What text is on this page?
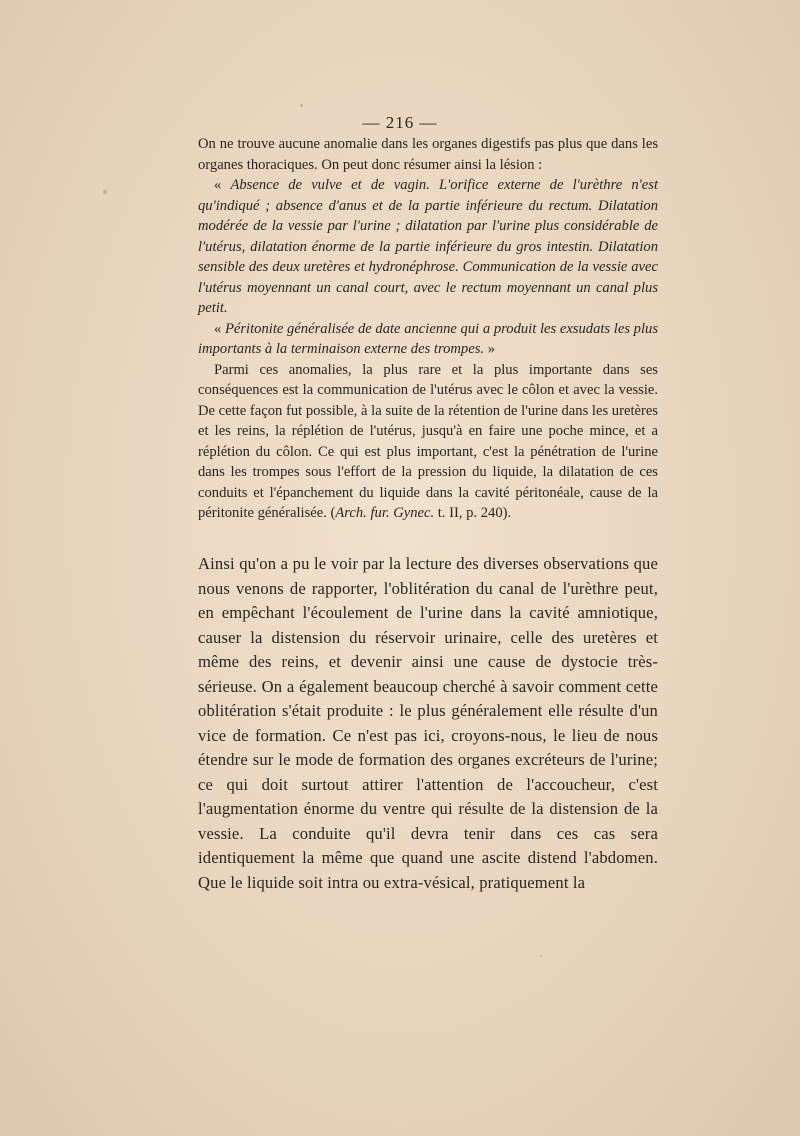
— 216 —

On ne trouve aucune anomalie dans les organes digestifs pas plus que dans les organes thoraciques. On peut donc résumer ainsi la lésion :

« Absence de vulve et de vagin. L'orifice externe de l'urèthre n'est qu'indiqué ; absence d'anus et de la partie inférieure du rectum. Dilatation modérée de la vessie par l'urine ; dilatation par l'urine plus considérable de l'utérus, dilatation énorme de la partie inférieure du gros intestin. Dilatation sensible des deux uretères et hydronéphrose. Communication de la vessie avec l'utérus moyennant un canal court, avec le rectum moyennant un canal plus petit.

« Péritonite généralisée de date ancienne qui a produit les exsudats les plus importants à la terminaison externe des trompes. »

Parmi ces anomalies, la plus rare et la plus importante dans ses conséquences est la communication de l'utérus avec le côlon et avec la vessie. De cette façon fut possible, à la suite de la rétention de l'urine dans les uretères et les reins, la réplétion de l'utérus, jusqu'à en faire une poche mince, et a réplétion du côlon. Ce qui est plus important, c'est la pénétration de l'urine dans les trompes sous l'effort de la pression du liquide, la dilatation de ces conduits et l'épanchement du liquide dans la cavité péritonéale, cause de la péritonite généralisée. (Arch. fur. Gynec. t. II, p. 240).

Ainsi qu'on a pu le voir par la lecture des diverses observations que nous venons de rapporter, l'oblitération du canal de l'urèthre peut, en empêchant l'écoulement de l'urine dans la cavité amniotique, causer la distension du réservoir urinaire, celle des uretères et même des reins, et devenir ainsi une cause de dystocie très-sérieuse. On a également beaucoup cherché à savoir comment cette oblitération s'était produite : le plus généralement elle résulte d'un vice de formation. Ce n'est pas ici, croyons-nous, le lieu de nous étendre sur le mode de formation des organes excréteurs de l'urine; ce qui doit surtout attirer l'attention de l'accoucheur, c'est l'augmentation énorme du ventre qui résulte de la distension de la vessie. La conduite qu'il devra tenir dans ces cas sera identiquement la même que quand une ascite distend l'abdomen. Que le liquide soit intra ou extra-vésical, pratiquement la
